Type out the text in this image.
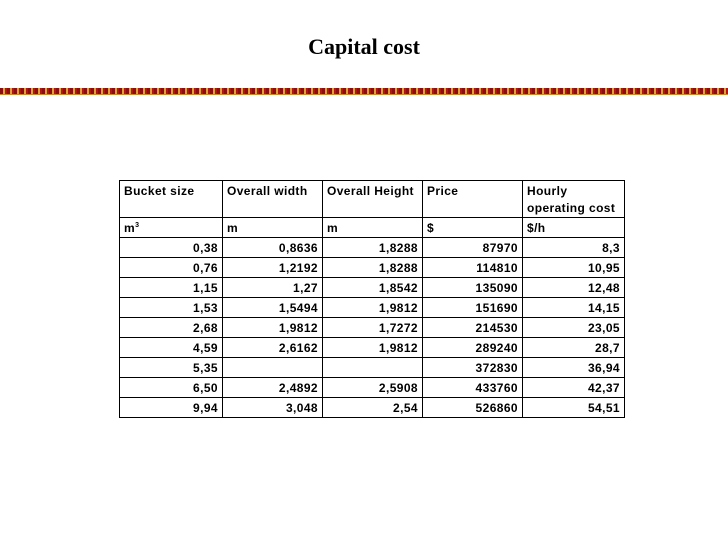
Capital cost
Bucket size	Overall width	Overall Height	Price	Hourly operating cost
$m^3$	m	m	$	$/h
0,38	0,8636	1,8288	87970	8,3
0,76	1,2192	1,8288	114810	10,95
1,15	1,27	1,8542	135090	12,48
1,53	1,5494	1,9812	151690	14,15
2,68	1,9812	1,7272	214530	23,05
4,59	2,6162	1,9812	289240	28,7
5,35			372830	36,94
6,50	2,4892	2,5908	433760	42,37
9,94	3,048	2,54	526860	54,51
